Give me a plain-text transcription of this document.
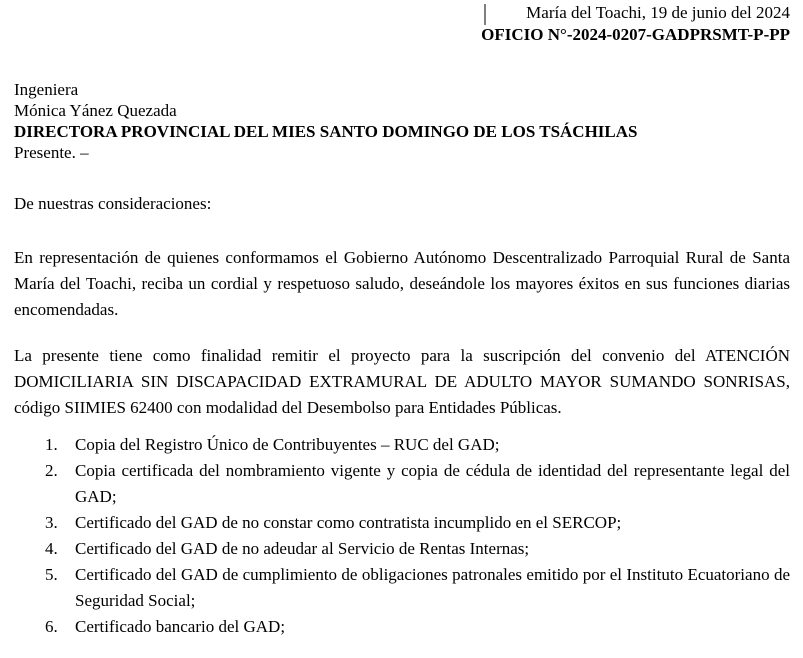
María del Toachi, 19 de junio del 2024
OFICIO N°-2024-0207-GADPRSMT-P-PP
Ingeniera
Mónica Yánez Quezada
DIRECTORA PROVINCIAL DEL MIES SANTO DOMINGO DE LOS TSÁCHILAS
Presente. –
De nuestras consideraciones:
En representación de quienes conformamos el Gobierno Autónomo Descentralizado Parroquial Rural de Santa María del Toachi, reciba un cordial y respetuoso saludo, deseándole los mayores éxitos en sus funciones diarias encomendadas.
La presente tiene como finalidad remitir el proyecto para la suscripción del convenio del ATENCIÓN DOMICILIARIA SIN DISCAPACIDAD EXTRAMURAL DE ADULTO MAYOR SUMANDO SONRISAS, código SIIMIES 62400 con modalidad del Desembolso para Entidades Públicas.
1. Copia del Registro Único de Contribuyentes – RUC del GAD;
2. Copia certificada del nombramiento vigente y copia de cédula de identidad del representante legal del GAD;
3. Certificado del GAD de no constar como contratista incumplido en el SERCOP;
4. Certificado del GAD de no adeudar al Servicio de Rentas Internas;
5. Certificado del GAD de cumplimiento de obligaciones patronales emitido por el Instituto Ecuatoriano de Seguridad Social;
6. Certificado bancario del GAD;
